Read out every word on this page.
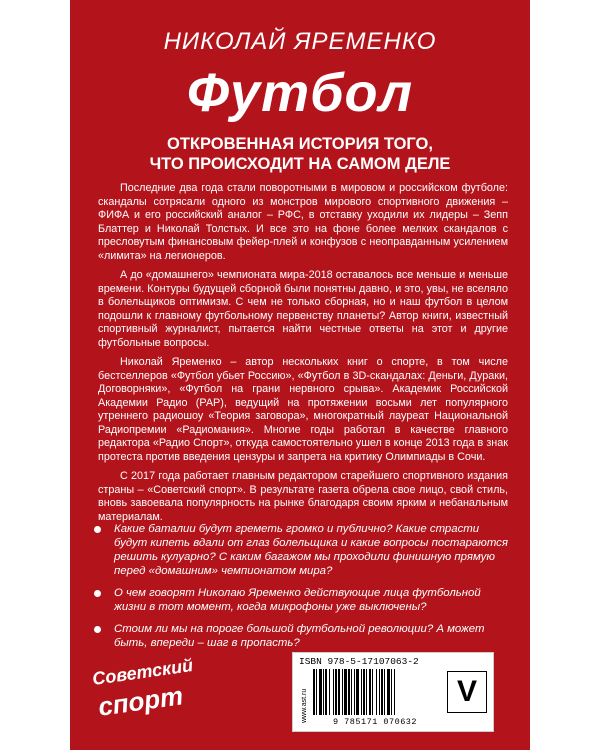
НИКОЛАЙ ЯРЕМЕНКО
Футбол
ОТКРОВЕННАЯ ИСТОРИЯ ТОГО,
ЧТО ПРОИСХОДИТ НА САМОМ ДЕЛЕ

Последние два года стали поворотными в мировом и российском футболе: скандалы сотрясали одного из монстров мирового спортивного движения – ФИФА и его российский аналог – РФС, в отставку уходили их лидеры – Зепп Блаттер и Николай Толстых. И все это на фоне более мелких скандалов с пресловутым финансовым фейер-плей и конфузов с неоправданным усилением «лимита» на легионеров.

А до «домашнего» чемпионата мира-2018 оставалось все меньше и меньше времени. Контуры будущей сборной были понятны давно, и это, увы, не вселяло в болельщиков оптимизм. С чем не только сборная, но и наш футбол в целом подошли к главному футбольному первенству планеты? Автор книги, известный спортивный журналист, пытается найти честные ответы на этот и другие футбольные вопросы.

Николай Яременко – автор нескольких книг о спорте, в том числе бестселлеров «Футбол убьет Россию», «Футбол в 3D-скандалах: Деньги, Дураки, Договорняки», «Футбол на грани нервного срыва». Академик Российской Академии Радио (РАР), ведущий на протяжении восьми лет популярного утреннего радиошоу «Теория заговора», многократный лауреат Национальной Радиопремии «Радиомания». Многие годы работал в качестве главного редактора «Радио Спорт», откуда самостоятельно ушел в конце 2013 года в знак протеста против введения цензуры и запрета на критику Олимпиады в Сочи.

С 2017 года работает главным редактором старейшего спортивного издания страны – «Советский спорт». В результате газета обрела свое лицо, свой стиль, вновь завоевала популярность на рынке благодаря своим ярким и небанальным материалам.

Какие баталии будут греметь громко и публично? Какие страсти будут кипеть вдали от глаз болельщика и какие вопросы постараются решить кулуарно? С каким багажом мы проходили финишную прямую перед «домашним» чемпионатом мира?
О чем говорят Николаю Яременко действующие лица футбольной жизни в тот момент, когда микрофоны уже выключены?
Стоим ли мы на пороге большой футбольной революции? А может быть, впереди – шаг в пропасть?
Советский
спорт
ISBN 978-5-17107063-2
www.ast.ru	9 785171 070632
V
